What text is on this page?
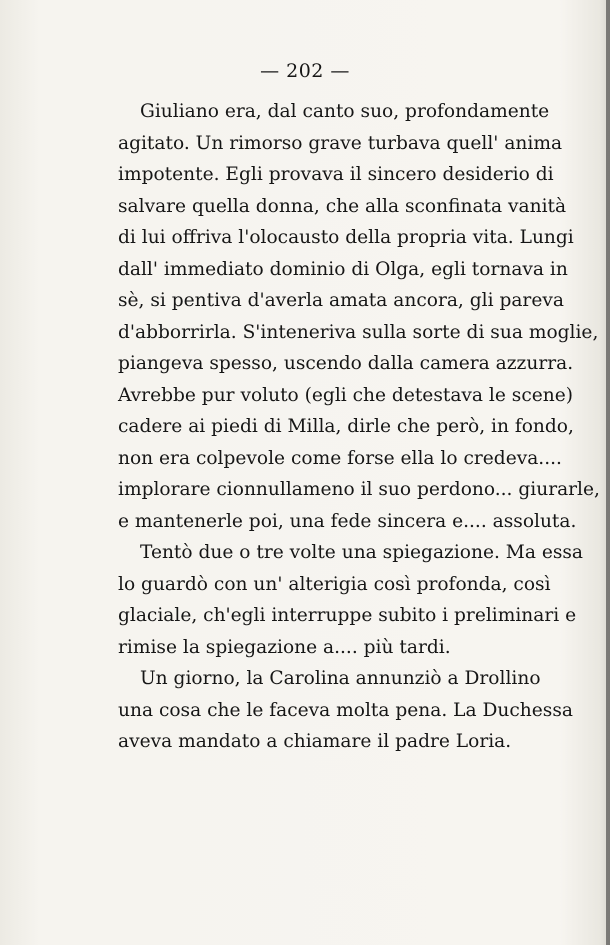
— 202 —
Giuliano era, dal canto suo, profondamente
agitato. Un rimorso grave turbava quell' anima
impotente. Egli provava il sincero desiderio di
salvare quella donna, che alla sconfinata vanità
di lui offriva l'olocausto della propria vita. Lungi
dall' immediato dominio di Olga, egli tornava in
sè, si pentiva d'averla amata ancora, gli pareva
d'abborrirla. S'inteneriva sulla sorte di sua moglie,
piangeva spesso, uscendo dalla camera azzurra.
Avrebbe pur voluto (egli che detestava le scene)
cadere ai piedi di Milla, dirle che però, in fondo,
non era colpevole come forse ella lo credeva....
implorare cionnullameno il suo perdono... giurarle,
e mantenerle poi, una fede sincera e.... assoluta.
Tentò due o tre volte una spiegazione. Ma essa
lo guardò con un' alterigia così profonda, così
glaciale, ch'egli interruppe subito i preliminari e
rimise la spiegazione a.... più tardi.
Un giorno, la Carolina annunziò a Drollino
una cosa che le faceva molta pena. La Duchessa
aveva mandato a chiamare il padre Loria.
